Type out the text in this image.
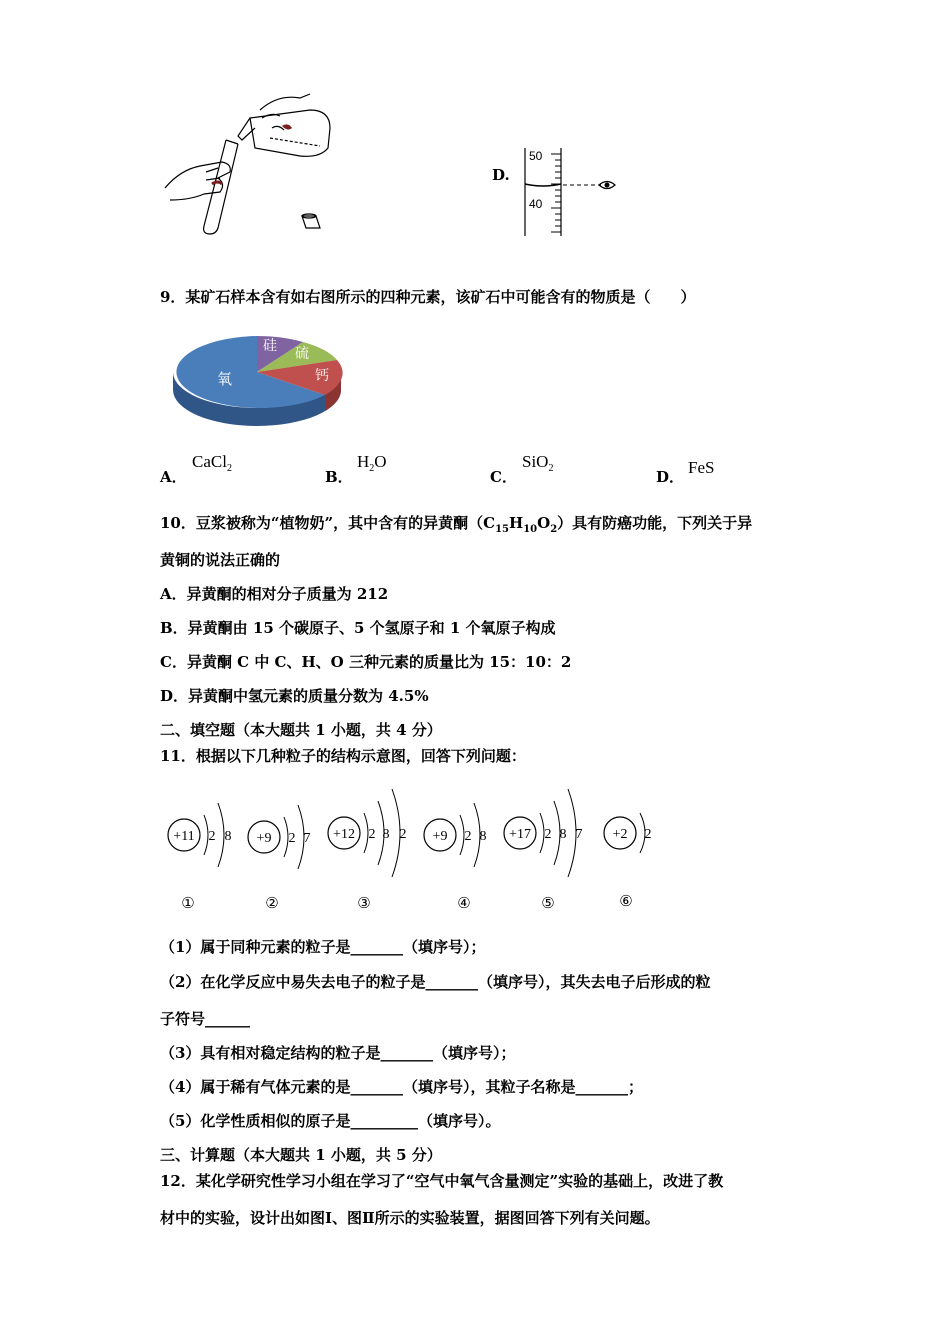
D.
50
40
9．某矿石样本含有如右图所示的四种元素，该矿石中可能含有的物质是（　　）
氧
硅 硫
钙
A．
CaCl$_2$	B．
$H_2O$
C．
SiO$_2$	D． FeS
10．豆浆被称为“植物奶”，其中含有的异黄酮$(C_{15}H_{10}O_2)$具有防癌功能，下列关于异
黄铜的说法正确的
A．异黄酮的相对分子质量为 212
B．异黄酮由 15 个碳原子、5 个氢原子和 1 个氧原子构成
C．异黄酮 C 中 C、H、O 三种元素的质量比为 15：10：2
D．异黄酮中氢元素的质量分数为 4.5%
二、填空题（本大题共 1 小题，共 4 分）
11．根据以下几种粒子的结构示意图，回答下列问题：
+11 2 8
①
+9 2 7
②
+12 2 8 2
③
+9 2 8
④
+17 2 8 7
⑤
+2 2
⑥
（1）属于同种元素的粒子是_______（填序号）；
（2）在化学反应中易失去电子的粒子是_______（填序号），其失去电子后形成的粒
子符号______
（3）具有相对稳定结构的粒子是_______（填序号）；
（4）属于稀有气体元素的是_______（填序号），其粒子名称是_______；
（5）化学性质相似的原子是_________（填序号）。
三、计算题（本大题共 1 小题，共 5 分）
12．某化学研究性学习小组在学习了“空气中氧气含量测定”实验的基础上，改进了教
材中的实验，设计出如图Ⅰ、图Ⅱ所示的实验装置，据图回答下列有关问题。
